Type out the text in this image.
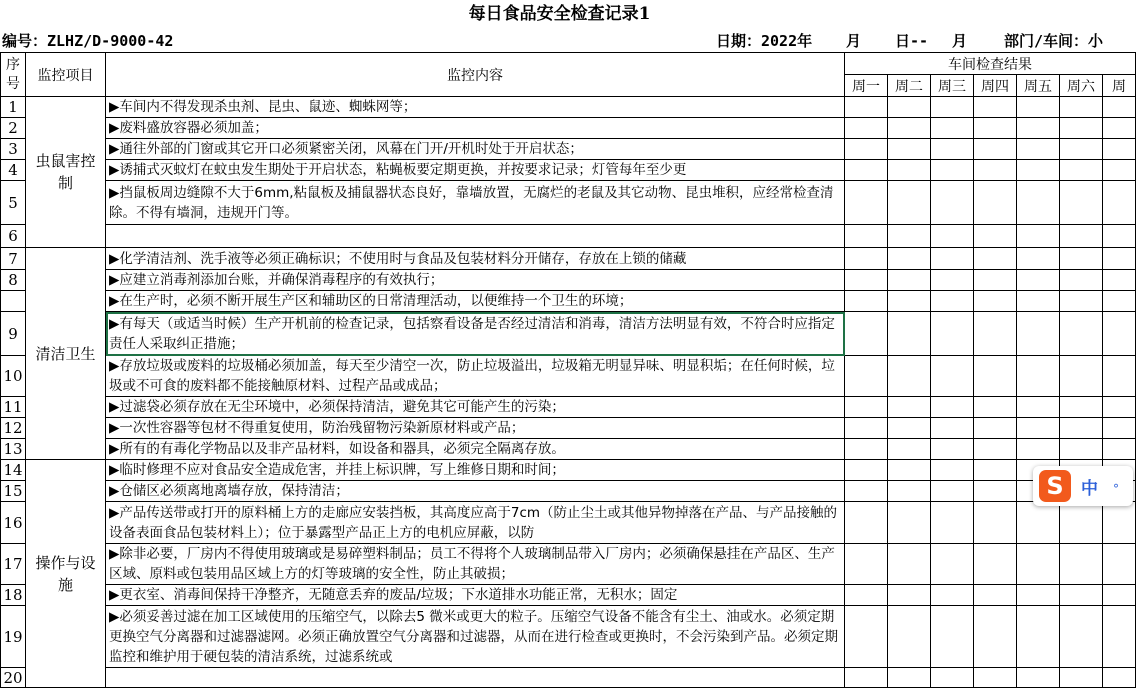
每日食品安全检查记录1
编号：ZLHZ/D-9000-42	日期：2022年 月 日-- 月 部门/车间：小
序号	监控项目	监控内容	车间检查结果						
			周一	周二	周三	周四	周五	周六	周
1	虫鼠害控制	▶车间内不得发现杀虫剂、昆虫、鼠迹、蜘蛛网等；							
2		▶废料盛放容器必须加盖；							
3		▶通往外部的门窗或其它开口必须紧密关闭，风幕在门开/开机时处于开启状态；							
4		▶诱捕式灭蚊灯在蚊虫发生期处于开启状态，粘蝇板要定期更换，并按要求记录；灯管每年至少更							
5		▶挡鼠板周边缝隙不大于6mm,粘鼠板及捕鼠器状态良好，靠墙放置，无腐烂的老鼠及其它动物、昆虫堆积，应经常检查清除。不得有墙洞，违规开门等。							
6									
7	清洁卫生	▶化学清洁剂、洗手液等必须正确标识；不使用时与食品及包装材料分开储存，存放在上锁的储藏							
8		▶应建立消毒剂添加台账，并确保消毒程序的有效执行；							
		▶在生产时，必须不断开展生产区和辅助区的日常清理活动，以便维持一个卫生的环境；							
9		▶有每天（或适当时候）生产开机前的检查记录，包括察看设备是否经过清洁和消毒，清洁方法明显有效，不符合时应指定责任人采取纠正措施；							
10		▶存放垃圾或废料的垃圾桶必须加盖，每天至少清空一次，防止垃圾溢出，垃圾箱无明显异味、明显积垢；在任何时候，垃圾或不可食的废料都不能接触原材料、过程产品或成品；							
11		▶过滤袋必须存放在无尘环境中，必须保持清洁，避免其它可能产生的污染；							
12		▶一次性容器等包材不得重复使用，防治残留物污染新原材料或产品；							
13		▶所有的有毒化学物品以及非产品材料，如设备和器具，必须完全隔离存放。							
14	操作与设施	▶临时修理不应对食品安全造成危害，并挂上标识牌，写上维修日期和时间；							
15		▶仓储区必须离地离墙存放，保持清洁；							
16		▶产品传送带或打开的原料桶上方的走廊应安装挡板，其高度应高于7cm（防止尘土或其他异物掉落在产品、与产品接触的设备表面食品包装材料上）；位于暴露型产品正上方的电机应屏蔽，以防							
17		▶除非必要，厂房内不得使用玻璃或是易碎塑料制品；员工不得将个人玻璃制品带入厂房内；必须确保悬挂在产品区、生产区域、原料或包装用品区域上方的灯等玻璃的安全性，防止其破损；							
18		▶更衣室、消毒间保持干净整齐，无随意丢弃的废品/垃圾；下水道排水功能正常，无积水；固定							
19		▶必须妥善过滤在加工区域使用的压缩空气，以除去5 微米或更大的粒子。压缩空气设备不能含有尘土、油或水。必须定期更换空气分离器和过滤器滤网。必须正确放置空气分离器和过滤器，从而在进行检查或更换时，不会污染到产品。必须定期监控和维护用于硬包装的清洁系统，过滤系统或							
20									
S	中 °
